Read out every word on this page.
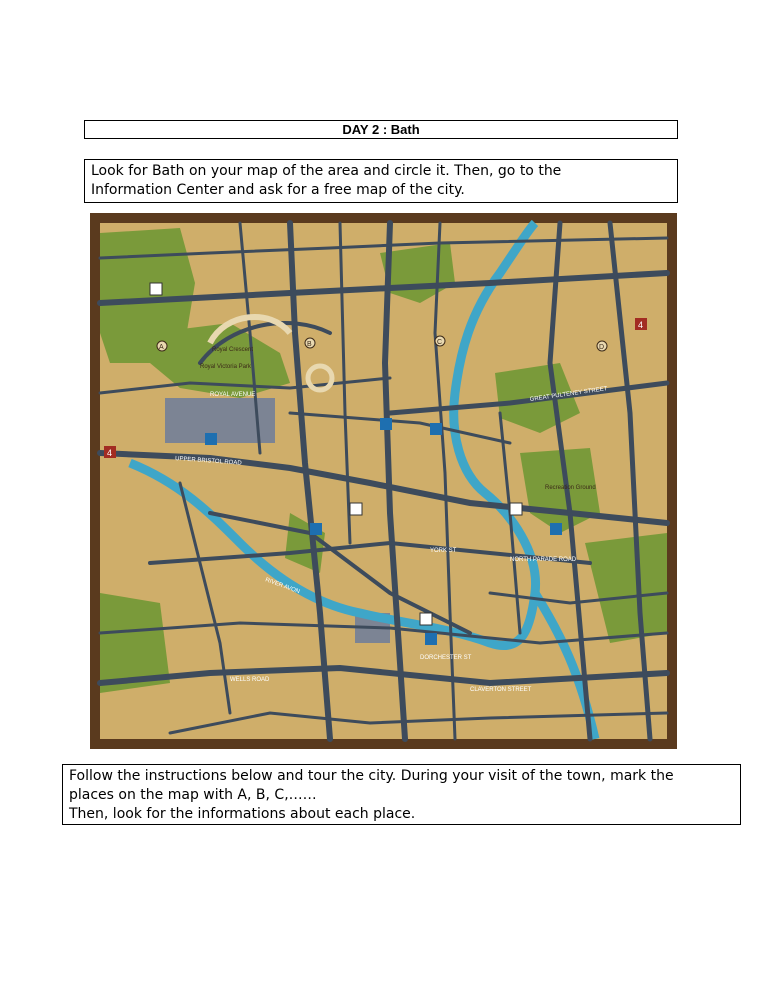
DAY 2 : Bath

Look for Bath on your map of the area and circle it. Then, go to the

Information Center and ask for a free map of the city.

4
4
A	B	C
D
Royal Victoria Park
Royal Crescent
ROYAL AVENUE
RIVER AVON
NORTH PARADE ROAD
DORCHESTER ST
YORK ST
Recreation Ground
UPPER BRISTOL ROAD
CLAVERTON STREET
GREAT PULTENEY STREET
WELLS ROAD

Follow the instructions below and tour the city. During your visit of the town, mark the

places on the map with A, B, C,……

Then, look for the informations about each place.
